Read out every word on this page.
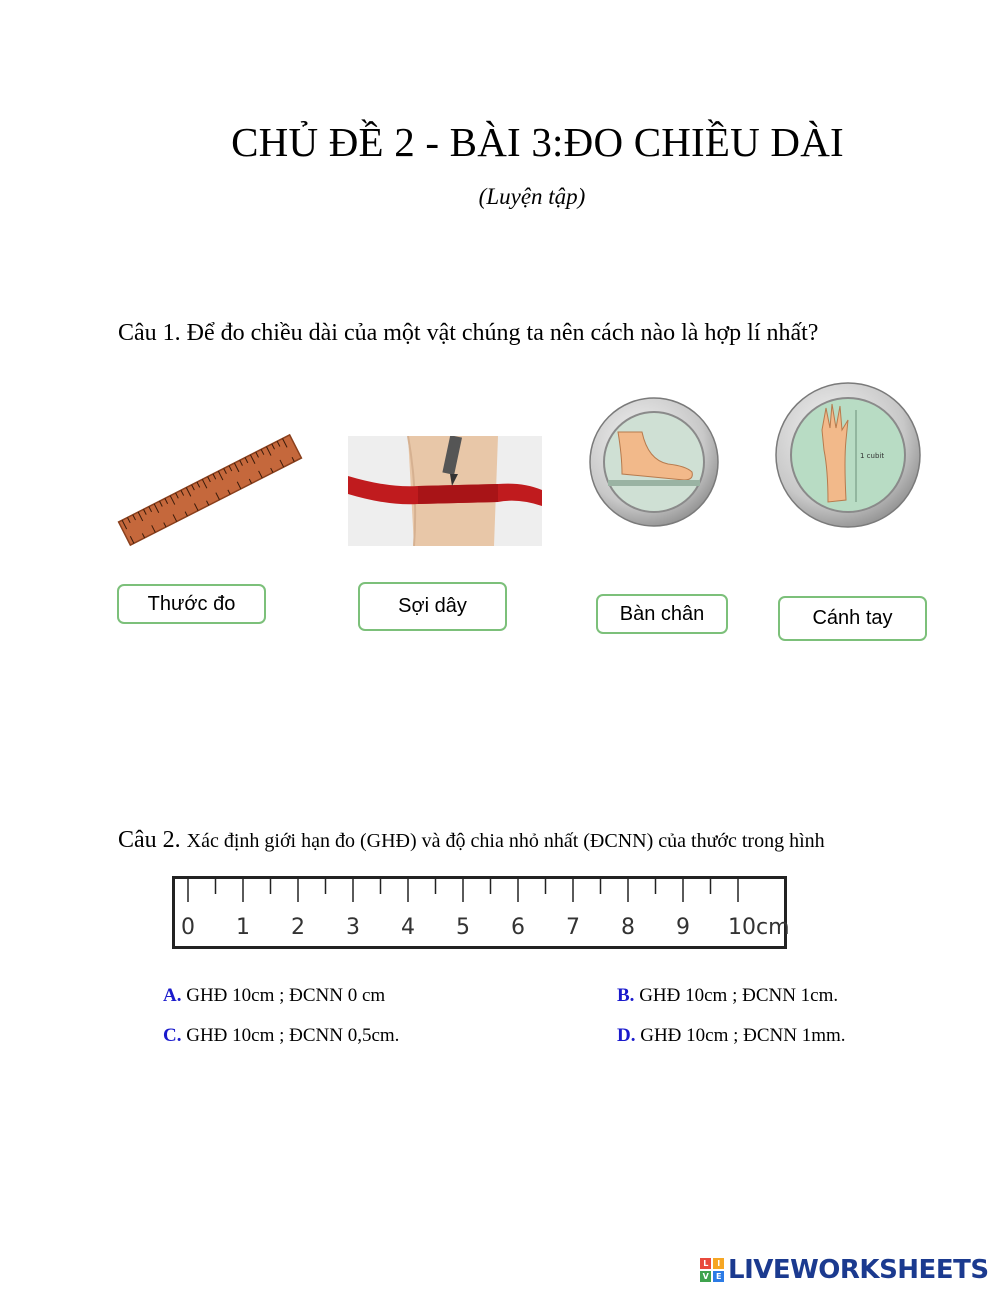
CHỦ ĐỀ 2 - BÀI 3:ĐO CHIỀU DÀI
(Luyện tập)
Câu 1. Để đo chiều dài của một vật chúng ta nên cách nào là hợp lí nhất?
1 cubit
Thước đo	Sợi dây	Bàn chân	Cánh tay
Câu 2. Xác định giới hạn đo (GHĐ) và độ chia nhỏ nhất (ĐCNN) của thước trong hình
0 1 2 3 4 5 6 7 8 9 10cm
A. GHĐ 10cm ; ĐCNN 0 cm	B. GHĐ 10cm ; ĐCNN 1cm.
C. GHĐ 10cm ; ĐCNN 0,5cm.	D. GHĐ 10cm ; ĐCNN 1mm.
L	I
V E LIVEWORKSHEETS
